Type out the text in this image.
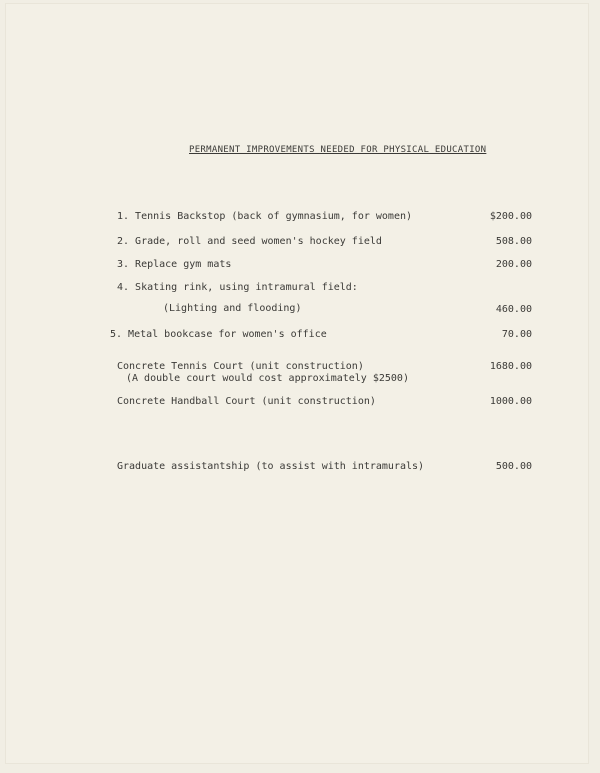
PERMANENT IMPROVEMENTS NEEDED FOR PHYSICAL EDUCATION
1. Tennis Backstop (back of gymnasium, for women)	$200.00
2. Grade, roll and seed women's hockey field	508.00
3. Replace gym mats	200.00
4. Skating rink, using intramural field:
(Lighting and flooding)	460.00
5. Metal bookcase for women's office	70.00
Concrete Tennis Court (unit construction)	1680.00
(A double court would cost approximately $2500)
Concrete Handball Court (unit construction)	1000.00
Graduate assistantship (to assist with intramurals)	500.00
